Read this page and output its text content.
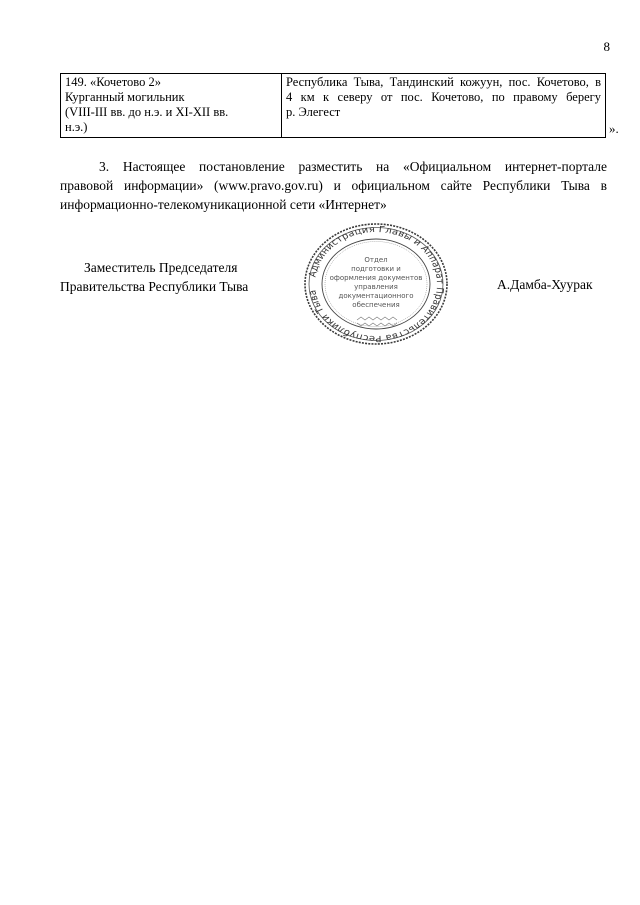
8
149. «Кочетово 2»
Курганный могильник
(VIII-III вв. до н.э. и XI-XII вв.
н.э.)

Республика Тыва, Тандинский кожуун, пос. Кочетово, в
4 км к северу от пос. Кочетово, по правому берегу
р. Элегест
».
3. Настоящее постановление разместить на «Официальном интернет-портале
правовой информации» (www.pravo.gov.ru) и официальном сайте Республики Тыва в
информационно-телекомуникационной сети «Интернет»
Заместитель Председателя
Правительства Республики Тыва	А.Дамба-Хуурак
Администрация Главы и Аппарат Правительства Республики Тыва
Отдел
подготовки и
оформления документов
управления
документационного
обеспечения
